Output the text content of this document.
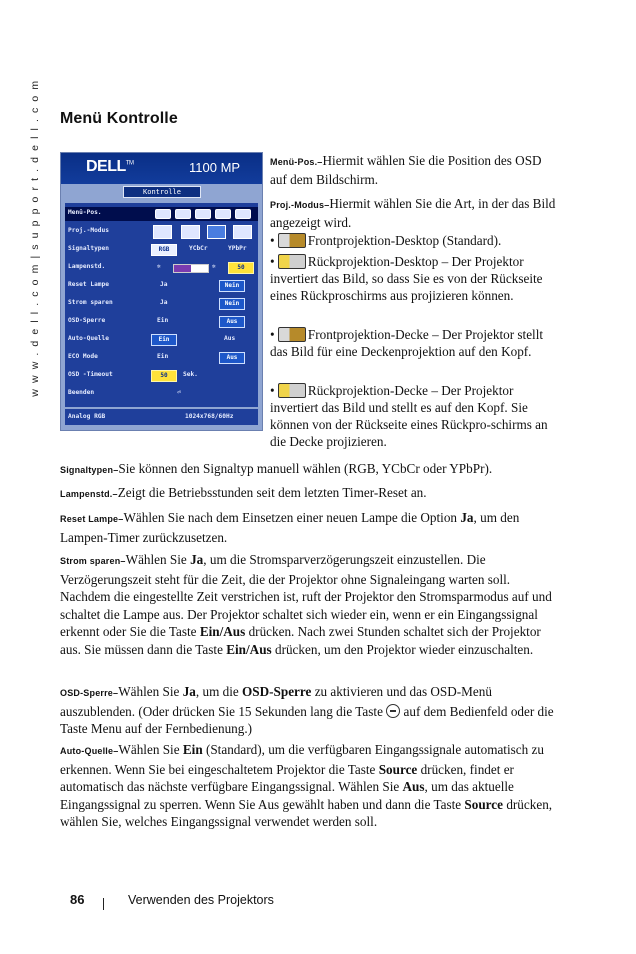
w w w . d e l l . c o m | s u p p o r t . d e l l . c o m Menü Kontrolle
DELL™	1100 MP
Kontrolle
Menü-Pos.
Proj.-Modus
Signaltypen	RGB	YCbCr	YPbPr
Lampenstd.	✲	✲	50
Reset Lampe	Ja	Nein
Strom sparen	Ja	Nein
OSD-Sperre	Ein	Aus
Auto-Quelle	Ein	Aus
ECO Mode	Ein	Aus
OSD -Timeout	50	Sek.
Beenden	⏎
Analog RGB	1024x768/60Hz
Menü-Pos.–Hiermit wählen Sie die Position des OSD auf dem Bildschirm.
Proj.-Modus–Hiermit wählen Sie die Art, in der das Bild angezeigt wird.
• Frontprojektion-Desktop (Standard).
• Rückprojektion-Desktop – Der Projektor invertiert das Bild, so dass Sie es von der Rückseite eines Rückproschirms aus projizieren können.
• Frontprojektion-Decke – Der Projektor stellt das Bild für eine Deckenprojektion auf den Kopf.
• Rückprojektion-Decke – Der Projektor invertiert das Bild und stellt es auf den Kopf. Sie können von der Rückseite eines Rückpro-schirms an die Decke projizieren.

Signaltypen–Sie können den Signaltyp manuell wählen (RGB, YCbCr oder YPbPr).

Lampenstd.–Zeigt die Betriebsstunden seit dem letzten Timer-Reset an.

Reset Lampe–Wählen Sie nach dem Einsetzen einer neuen Lampe die Option Ja, um den Lampen-Timer zurückzusetzen.

Strom sparen–Wählen Sie Ja, um die Stromsparverzögerungszeit einzustellen. Die Verzögerungszeit steht für die Zeit, die der Projektor ohne Signaleingang warten soll. Nachdem die eingestellte Zeit verstrichen ist, ruft der Projektor den Stromsparmodus auf und schaltet die Lampe aus. Der Projektor schaltet sich wieder ein, wenn er ein Eingangssignal erkennt oder Sie die Taste Ein/Aus drücken. Nach zwei Stunden schaltet sich der Projektor aus. Sie müssen dann die Taste Ein/Aus drücken, um den Projektor wieder einzuschalten.

OSD-Sperre–Wählen Sie Ja, um die OSD-Sperre zu aktivieren und das OSD-Menü auszublenden. (Oder drücken Sie 15 Sekunden lang die Taste  auf dem Bedienfeld oder die Taste Menu auf der Fernbedienung.)

Auto-Quelle–Wählen Sie Ein (Standard), um die verfügbaren Eingangssignale automatisch zu erkennen. Wenn Sie bei eingeschaltetem Projektor die Taste Source drücken, findet er automatisch das nächste verfügbare Eingangssignal. Wählen Sie Aus, um das aktuelle Eingangssignal zu sperren. Wenn Sie Aus gewählt haben und dann die Taste Source drücken, wählen Sie, welches Eingangssignal verwendet werden soll.

86	Verwenden des Projektors
